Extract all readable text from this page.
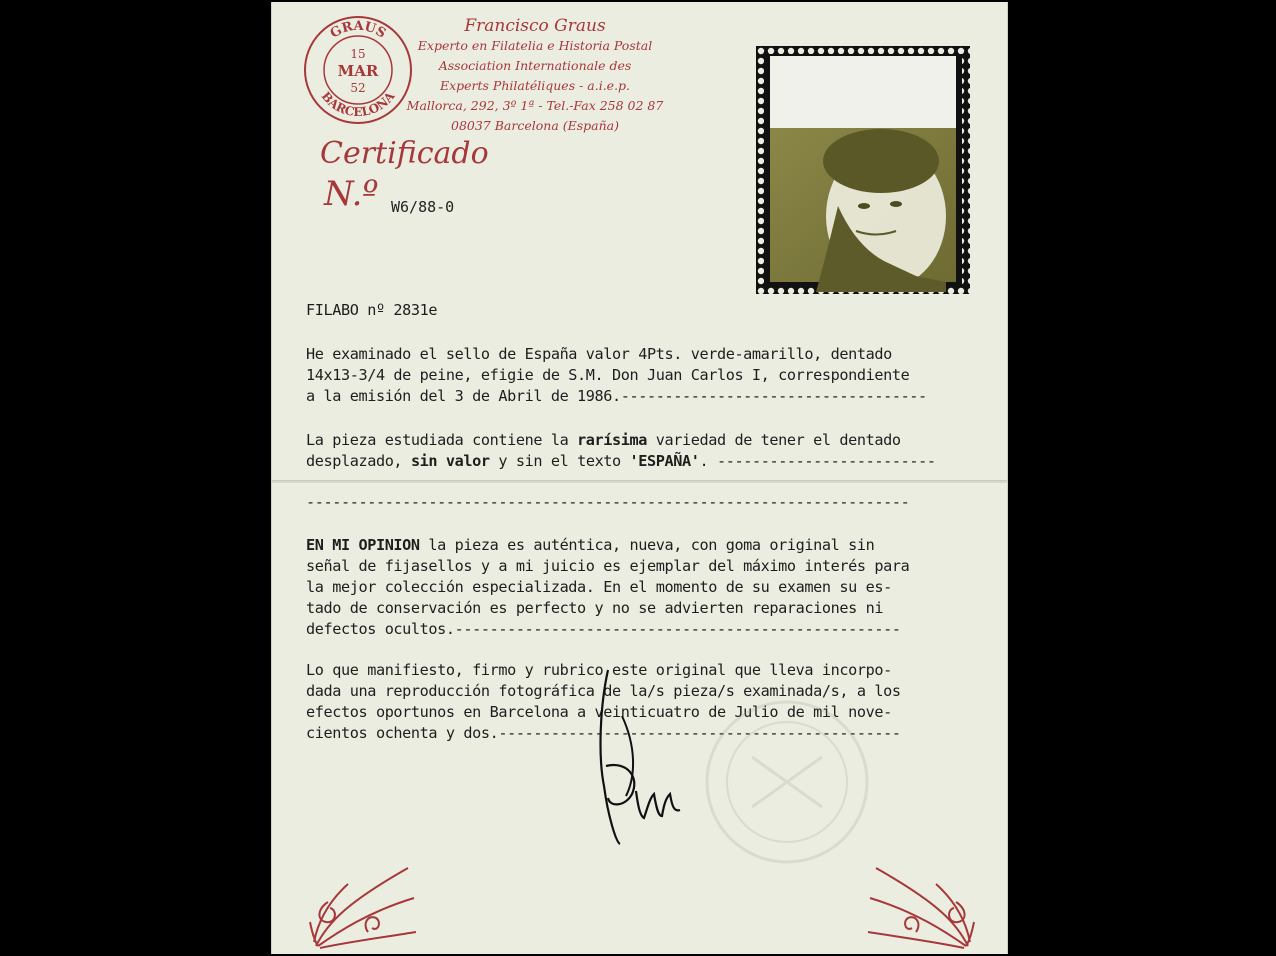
GRAUS
BARCELONA
15
MAR
52
Francisco Graus
Experto en Filatelia e Historia Postal
Association Internationale des
Experts Philatéliques - a.i.e.p.
Mallorca, 292, 3º 1ª - Tel.-Fax 258 02 87
08037 Barcelona (España)
Certificado
N.º W6/88-0
FILABO nº 2831e
He examinado el sello de España valor 4Pts. verde-amarillo, dentado
14x13-3/4 de peine, efigie de S.M. Don Juan Carlos I, correspondiente
a la emisión del 3 de Abril de 1986.-----------------------------------
La pieza estudiada contiene la rarísima variedad de tener el dentado
desplazado, sin valor y sin el texto 'ESPAÑA'. -------------------------
---------------------------------------------------------------------
EN MI OPINION la pieza es auténtica, nueva, con goma original sin
señal de fijasellos y a mi juicio es ejemplar del máximo interés para
la mejor colección especializada. En el momento de su examen su es-
tado de conservación es perfecto y no se advierten reparaciones ni
defectos ocultos.---------------------------------------------------
Lo que manifiesto, firmo y rubrico este original que lleva incorpo-
dada una reproducción fotográfica de la/s pieza/s examinada/s, a los
efectos oportunos en Barcelona a veinticuatro de Julio de mil nove-
cientos ochenta y dos.----------------------------------------------
